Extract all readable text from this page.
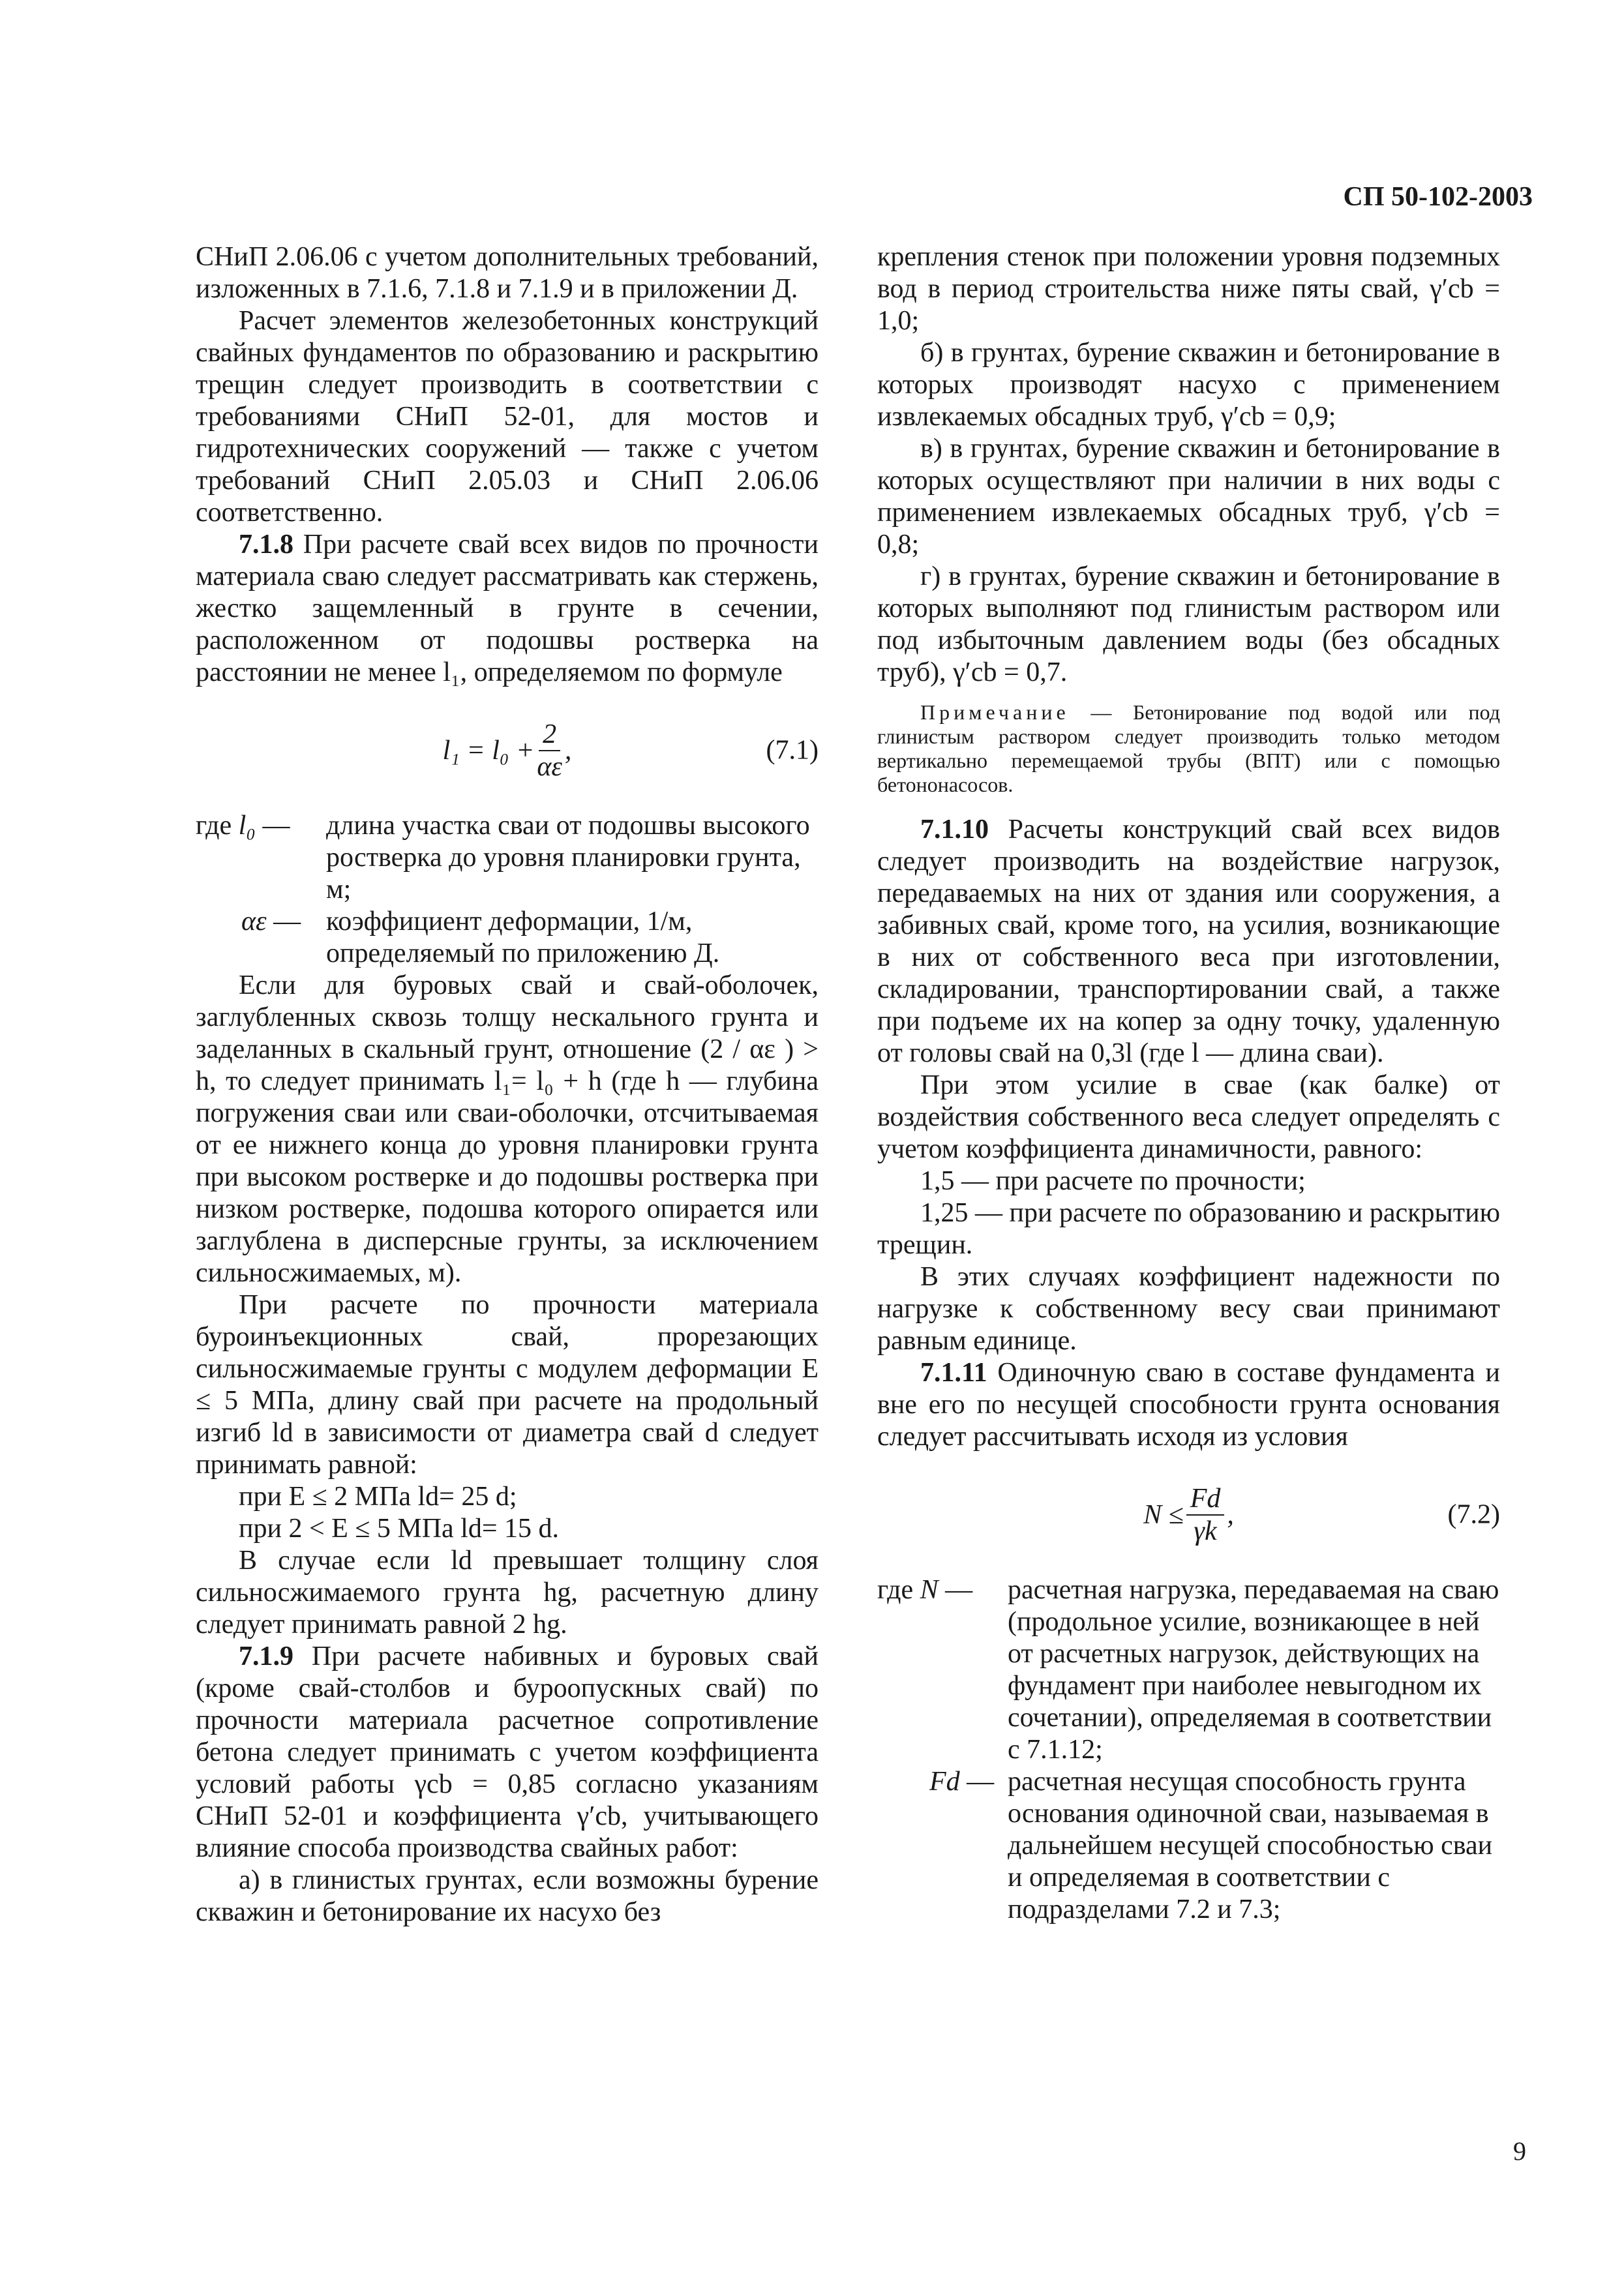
СП 50-102-2003

СНиП 2.06.06 с учетом дополнительных требований, изложенных в 7.1.6, 7.1.8 и 7.1.9 и в приложении Д.

Расчет элементов железобетонных конструкций свайных фундаментов по образованию и раскрытию трещин следует производить в соответствии с требованиями СНиП 52-01, для мостов и гидротехнических сооружений — также с учетом требований СНиП 2.05.03 и СНиП 2.06.06 соответственно.

7.1.8 При расчете свай всех видов по прочности материала сваю следует рассматривать как стержень, жестко защемленный в грунте в сечении, расположенном от подошвы ростверка на расстоянии не менее l₁, определяемом по формуле

$l_1 = l_0 + \frac{2}{\alpha\varepsilon}$ ,	(7.1)
где l₀ —	длина участка сваи от подошвы высокого ростверка до уровня планировки грунта, м;
αε — коэффициент деформации, 1/м, определяемый по приложению Д.

Если для буровых свай и свай-оболочек, заглубленных сквозь толщу нескального грунта и заделанных в скальный грунт, отношение (2 / αε ) > h, то следует принимать l₁= l₀ + h (где h — глубина погружения сваи или сваи-оболочки, отсчитываемая от ее нижнего конца до уровня планировки грунта при высоком ростверке и до подошвы ростверка при низком ростверке, подошва которого опирается или заглублена в дисперсные грунты, за исключением сильносжимаемых, м).

При расчете по прочности материала буроинъекционных свай, прорезающих сильносжимаемые грунты с модулем деформации E ≤ 5 МПа, длину свай при расчете на продольный изгиб ld в зависимости от диаметра свай d следует принимать равной:

при E ≤ 2 МПа ld= 25 d;

при 2 < E ≤ 5 МПа ld= 15 d.

В случае если ld превышает толщину слоя сильносжимаемого грунта hg, расчетную длину следует принимать равной 2 hg.

7.1.9 При расчете набивных и буровых свай (кроме свай-столбов и буроопускных свай) по прочности материала расчетное сопротивление бетона следует принимать с учетом коэффициента условий работы γcb = 0,85 согласно указаниям СНиП 52-01 и коэффициента γ′cb, учитывающего влияние способа производства свайных работ:

а) в глинистых грунтах, если возможны бурение скважин и бетонирование их насухо без

крепления стенок при положении уровня подземных вод в период строительства ниже пяты свай, γ′cb = 1,0;

б) в грунтах, бурение скважин и бетонирование в которых производят насухо с применением извлекаемых обсадных труб, γ′cb = 0,9;

в) в грунтах, бурение скважин и бетонирование в которых осуществляют при наличии в них воды с применением извлекаемых обсадных труб, γ′cb = 0,8;

г) в грунтах, бурение скважин и бетонирование в которых выполняют под глинистым раствором или под избыточным давлением воды (без обсадных труб), γ′cb = 0,7.

Примечание — Бетонирование под водой или под глинистым раствором следует производить только методом вертикально перемещаемой трубы (ВПТ) или с помощью бетононасосов.

7.1.10 Расчеты конструкций свай всех видов следует производить на воздействие нагрузок, передаваемых на них от здания или сооружения, а забивных свай, кроме того, на усилия, возникающие в них от собственного веса при изготовлении, складировании, транспортировании свай, а также при подъеме их на копер за одну точку, удаленную от головы свай на 0,3l (где l — длина сваи).

При этом усилие в свае (как балке) от воздействия собственного веса следует определять с учетом коэффициента динамичности, равного:

1,5 — при расчете по прочности;

1,25 — при расчете по образованию и раскрытию трещин.

В этих случаях коэффициент надежности по нагрузке к собственному весу сваи принимают равным единице.

7.1.11 Одиночную сваю в составе фундамента и вне его по несущей способности грунта основания следует рассчитывать исходя из условия

$N \le \frac{Fd}{\gamma k}$ ,	(7.2)
где N —	расчетная нагрузка, передаваемая на сваю (продольное усилие, возникающее в ней от расчетных нагрузок, действующих на фундамент при наиболее невыгодном их сочетании), определяемая в соответствии с 7.1.12;
Fd — расчетная несущая способность грунта основания одиночной сваи, называемая в дальнейшем несущей способностью сваи и определяемая в соответствии с подразделами 7.2 и 7.3;
9
